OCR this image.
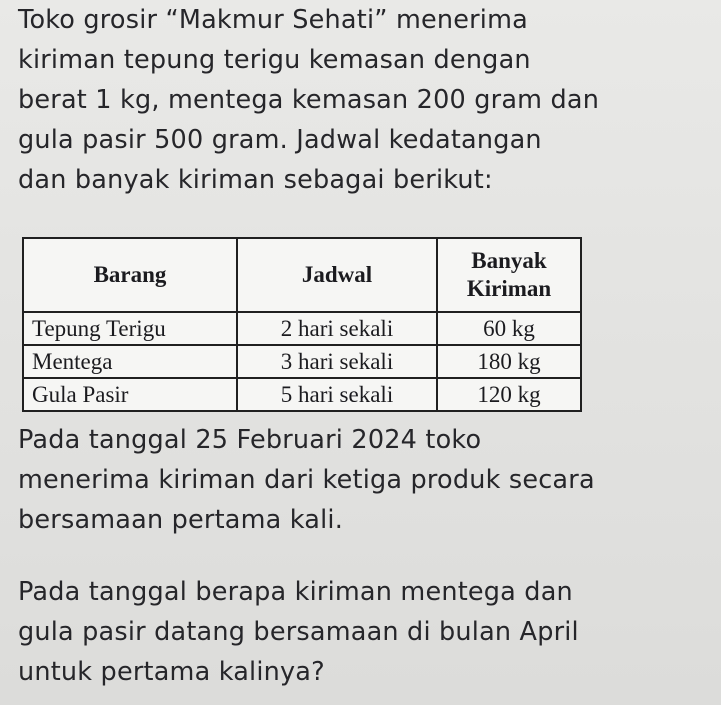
Toko grosir “Makmur Sehati” menerima
kiriman tepung terigu kemasan dengan
berat 1 kg, mentega kemasan 200 gram dan
gula pasir 500 gram. Jadwal kedatangan
dan banyak kiriman sebagai berikut:

Barang	Jadwal	Banyak Kiriman
Tepung Terigu	2 hari sekali	60 kg
Mentega	3 hari sekali	180 kg
Gula Pasir	5 hari sekali	120 kg

Pada tanggal 25 Februari 2024 toko
menerima kiriman dari ketiga produk secara
bersamaan pertama kali.

Pada tanggal berapa kiriman mentega dan
gula pasir datang bersamaan di bulan April
untuk pertama kalinya?
